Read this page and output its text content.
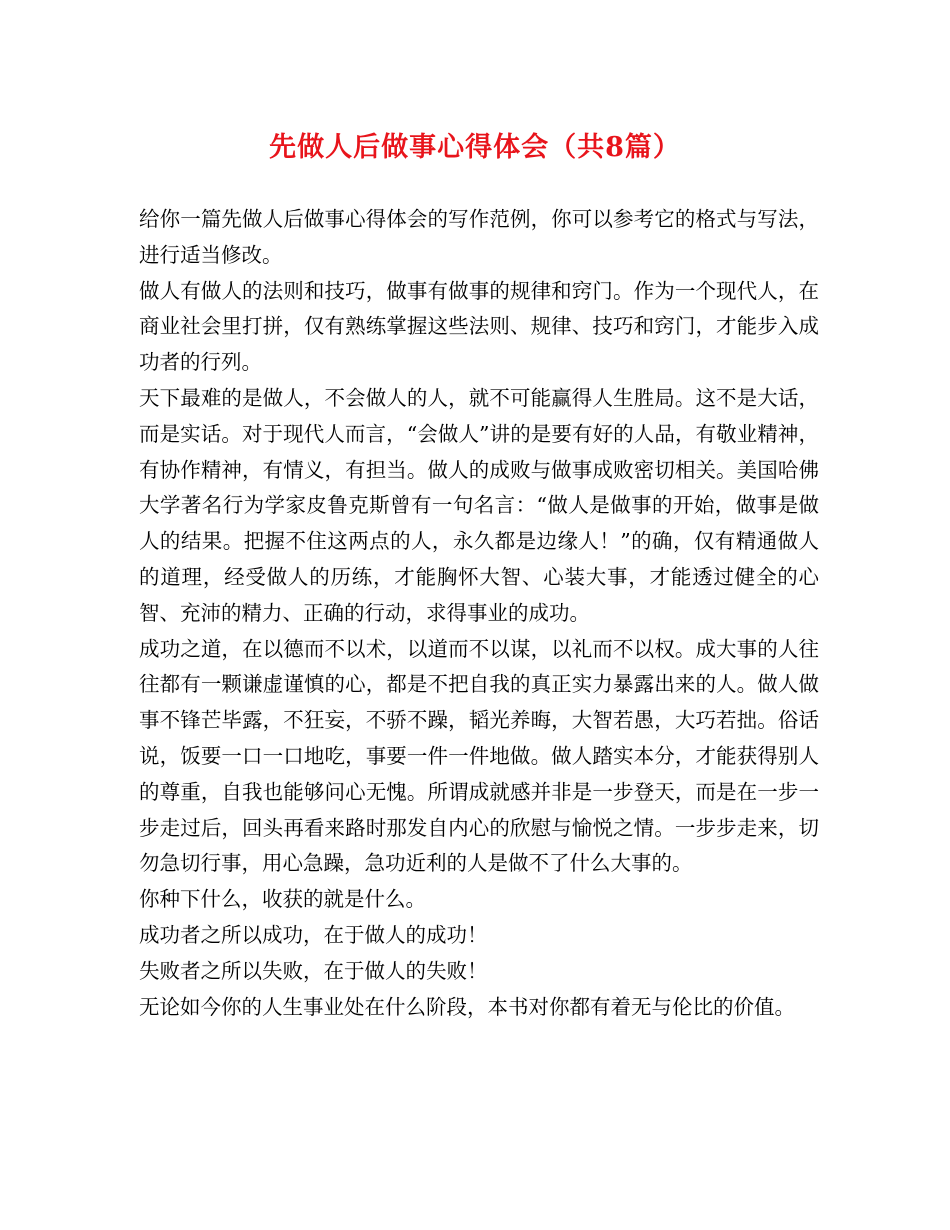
先做人后做事心得体会（共8篇）

给你一篇先做人后做事心得体会的写作范例，你可以参考它的格式与写法，进行适当修改。

做人有做人的法则和技巧，做事有做事的规律和窍门。作为一个现代人，在商业社会里打拼，仅有熟练掌握这些法则、规律、技巧和窍门，才能步入成功者的行列。

天下最难的是做人，不会做人的人，就不可能赢得人生胜局。这不是大话，而是实话。对于现代人而言，“会做人”讲的是要有好的人品，有敬业精神，有协作精神，有情义，有担当。做人的成败与做事成败密切相关。美国哈佛大学著名行为学家皮鲁克斯曾有一句名言：“做人是做事的开始，做事是做人的结果。把握不住这两点的人，永久都是边缘人！”的确，仅有精通做人的道理，经受做人的历练，才能胸怀大智、心装大事，才能透过健全的心智、充沛的精力、正确的行动，求得事业的成功。

成功之道，在以德而不以术，以道而不以谋，以礼而不以权。成大事的人往往都有一颗谦虚谨慎的心，都是不把自我的真正实力暴露出来的人。做人做事不锋芒毕露，不狂妄，不骄不躁，韬光养晦，大智若愚，大巧若拙。俗话说，饭要一口一口地吃，事要一件一件地做。做人踏实本分，才能获得别人的尊重，自我也能够问心无愧。所谓成就感并非是一步登天，而是在一步一步走过后，回头再看来路时那发自内心的欣慰与愉悦之情。一步步走来，切勿急切行事，用心急躁，急功近利的人是做不了什么大事的。

你种下什么，收获的就是什么。

成功者之所以成功，在于做人的成功！

失败者之所以失败，在于做人的失败！

无论如今你的人生事业处在什么阶段，本书对你都有着无与伦比的价值。
